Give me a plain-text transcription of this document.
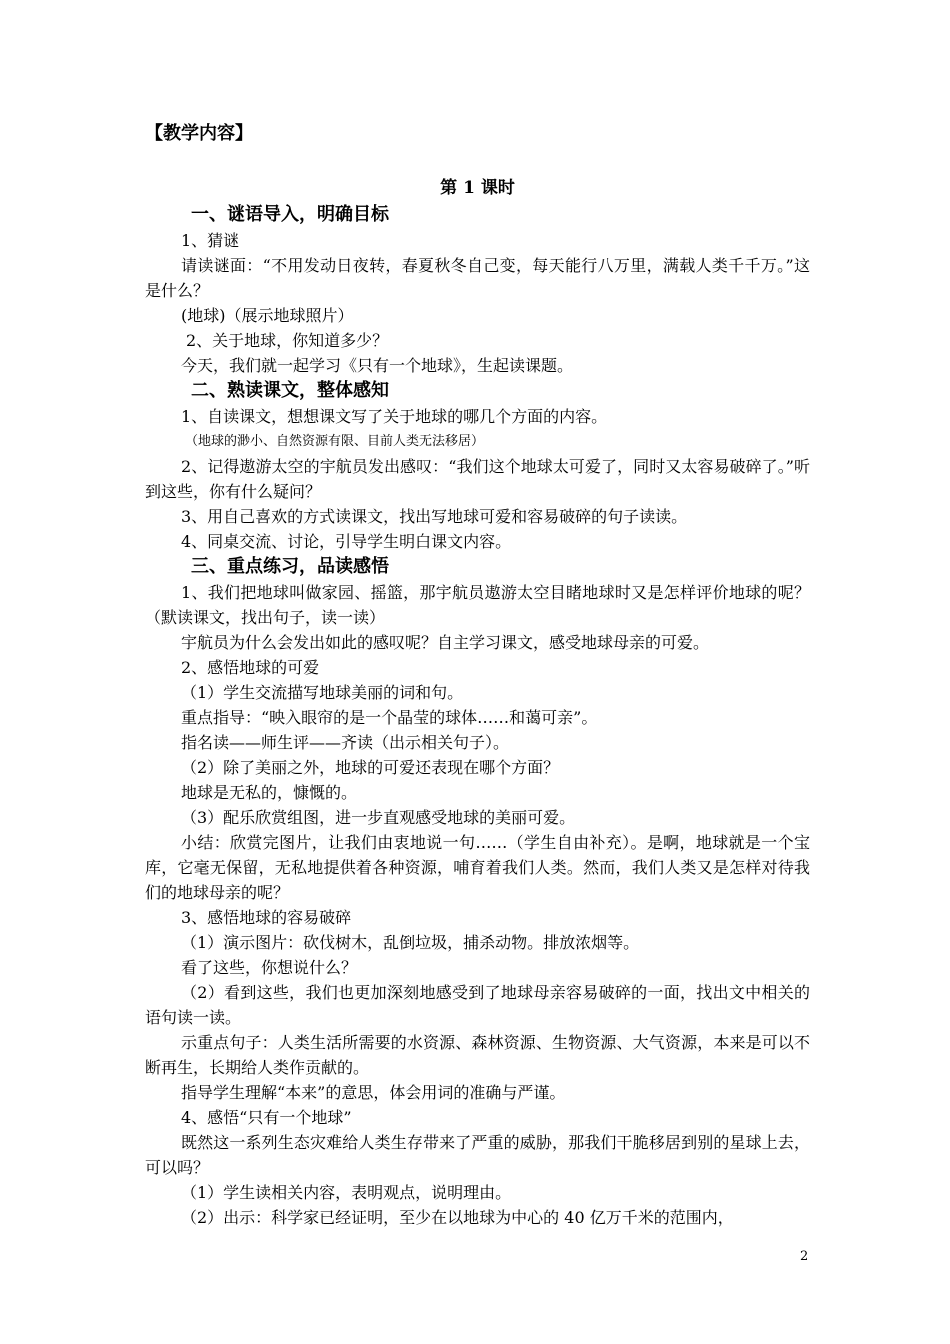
【教学内容】

第 1 课时

一、谜语导入，明确目标

1、猜谜

请读谜面：“不用发动日夜转，春夏秋冬自己变，每天能行八万里，满载人类千千万。”这是什么？

(地球)（展示地球照片）

2、关于地球，你知道多少？

今天，我们就一起学习《只有一个地球》，生起读课题。

二、熟读课文，整体感知

1、自读课文，想想课文写了关于地球的哪几个方面的内容。

（地球的渺小、自然资源有限、目前人类无法移居）

2、记得遨游太空的宇航员发出感叹：“我们这个地球太可爱了，同时又太容易破碎了。”听到这些，你有什么疑问？

3、用自己喜欢的方式读课文，找出写地球可爱和容易破碎的句子读读。

4、同桌交流、讨论，引导学生明白课文内容。

三、重点练习，品读感悟

1、我们把地球叫做家园、摇篮，那宇航员遨游太空目睹地球时又是怎样评价地球的呢？（默读课文，找出句子，读一读）

宇航员为什么会发出如此的感叹呢？自主学习课文，感受地球母亲的可爱。

2、感悟地球的可爱

（1）学生交流描写地球美丽的词和句。

重点指导：“映入眼帘的是一个晶莹的球体……和蔼可亲”。

指名读——师生评——齐读（出示相关句子）。

（2）除了美丽之外，地球的可爱还表现在哪个方面？

地球是无私的，慷慨的。

（3）配乐欣赏组图，进一步直观感受地球的美丽可爱。

小结：欣赏完图片，让我们由衷地说一句……（学生自由补充）。是啊，地球就是一个宝库，它毫无保留，无私地提供着各种资源，哺育着我们人类。然而，我们人类又是怎样对待我们的地球母亲的呢？

3、感悟地球的容易破碎

（1）演示图片：砍伐树木，乱倒垃圾，捕杀动物。排放浓烟等。

看了这些，你想说什么？

（2）看到这些，我们也更加深刻地感受到了地球母亲容易破碎的一面，找出文中相关的语句读一读。

示重点句子：人类生活所需要的水资源、森林资源、生物资源、大气资源，本来是可以不断再生，长期给人类作贡献的。

指导学生理解“本来”的意思，体会用词的准确与严谨。

4、感悟“只有一个地球”

既然这一系列生态灾难给人类生存带来了严重的威胁，那我们干脆移居到别的星球上去，可以吗？

（1）学生读相关内容，表明观点，说明理由。

（2）出示：科学家已经证明，至少在以地球为中心的 40 亿万千米的范围内，

2
